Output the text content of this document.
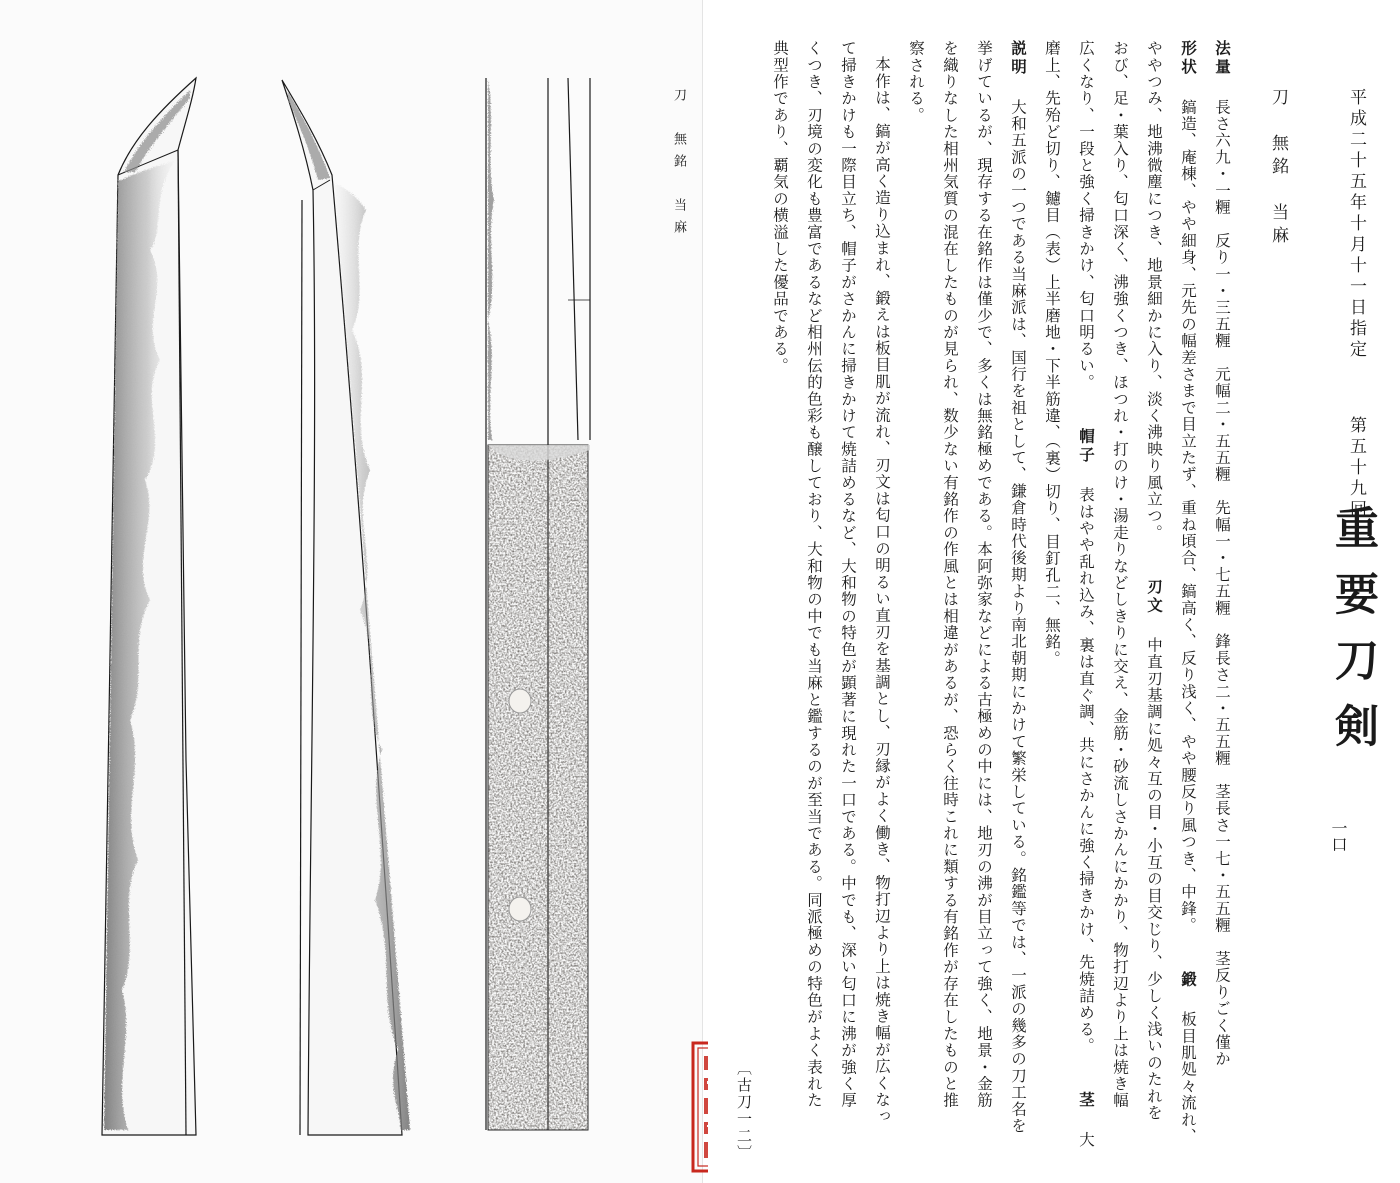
刀　無銘　当麻	平成二十五年十月十一日指定
第五十九回
重要刀剣
一口

刀　無銘　当麻

法量 長さ六九・一糎　反り一・三五糎　元幅二・五五糎　先幅一・七五糎　鋒長さ二・五五糎　茎長さ一七・五五糎　茎反りごく僅か

形状 鎬造、庵棟、やや細身、元先の幅差さまで目立たず、重ね頃合、鎬高く、反り浅く、やや腰反り風つき、中鋒。 鍛 板目肌処々流れ、

ややつみ、地沸微塵につき、地景細かに入り、淡く沸映り風立つ。 刃文 中直刃基調に処々互の目・小互の目交じり、少しく浅いのたれを

おび、足・葉入り、匂口深く、沸強くつき、ほつれ・打のけ・湯走りなどしきりに交え、金筋・砂流しさかんにかかり、物打辺より上は焼き幅

広くなり、一段と強く掃きかけ、匂口明るい。 帽子 表はやや乱れ込み、裏は直ぐ調、共にさかんに強く掃きかけ、先焼詰める。 茎 大

磨上、先殆ど切り、鑢目（表）上半磨地・下半筋違、（裏）切り、目釘孔二、無銘。

説明 大和五派の一つである当麻派は、国行を祖として、鎌倉時代後期より南北朝期にかけて繁栄している。銘鑑等では、一派の幾多の刀工名を

挙げているが、現存する在銘作は僅少で、多くは無銘極めである。本阿弥家などによる古極めの中には、地刃の沸が目立って強く、地景・金筋

を織りなした相州気質の混在したものが見られ、数少ない有銘作の作風とは相違があるが、恐らく往時これに類する有銘作が存在したものと推

察される。

本作は、鎬が高く造り込まれ、鍛えは板目肌が流れ、刃文は匂口の明るい直刃を基調とし、刃縁がよく働き、物打辺より上は焼き幅が広くなっ

て掃きかけも一際目立ち、帽子がさかんに掃きかけて焼詰めるなど、大和物の特色が顕著に現れた一口である。中でも、深い匂口に沸が強く厚

くつき、刃境の変化も豊富であるなど相州伝的色彩も醸しており、大和物の中でも当麻と鑑するのが至当である。同派極めの特色がよく表れた

典型作であり、覇気の横溢した優品である。

〔古刀一二〕
